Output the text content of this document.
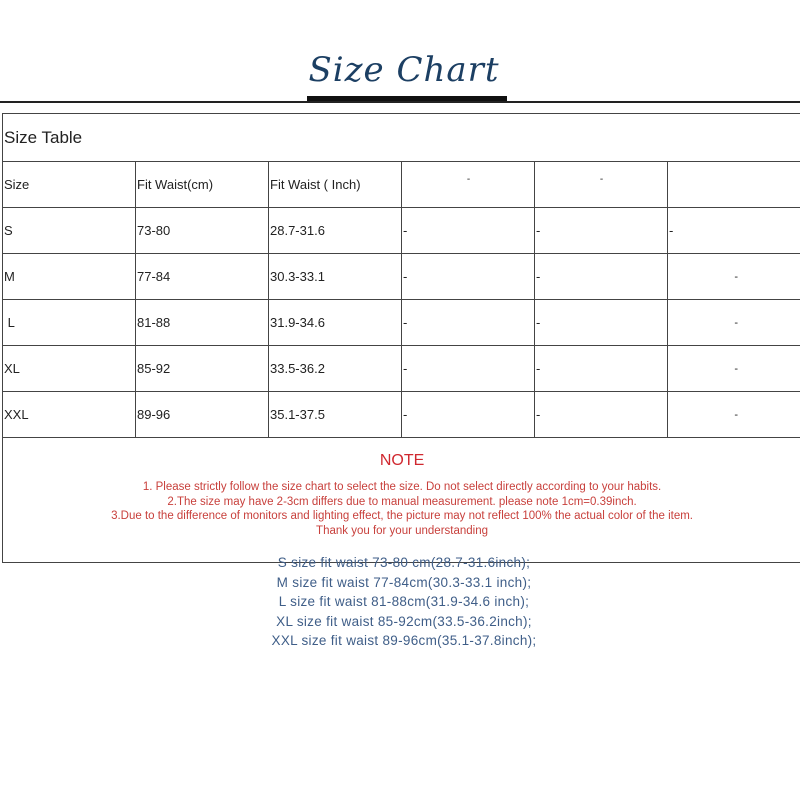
Size Chart
Size Table					
Size	Fit Waist(cm)	Fit Waist ( Inch)	-	-	
S	73-80	28.7-31.6	-	-	-
M	77-84	30.3-33.1	-	-	-
L	81-88	31.9-34.6	-	-	-
XL	85-92	33.5-36.2	-	-	-
XXL	89-96	35.1-37.5	-	-	-

NOTE
1. Please strictly follow the size chart to select the size. Do not select directly according to your habits.
2.The size may have 2-3cm differs due to manual measurement. please note 1cm=0.39inch.
3.Due to the difference of monitors and lighting effect, the picture may not reflect 100% the actual color of the item.
Thank you for your understanding					
S size fit waist 73-80 cm(28.7-31.6inch);
M size fit waist 77-84cm(30.3-33.1 inch);
L size fit waist 81-88cm(31.9-34.6 inch);
XL size fit waist 85-92cm(33.5-36.2inch);
XXL size fit waist 89-96cm(35.1-37.8inch);
